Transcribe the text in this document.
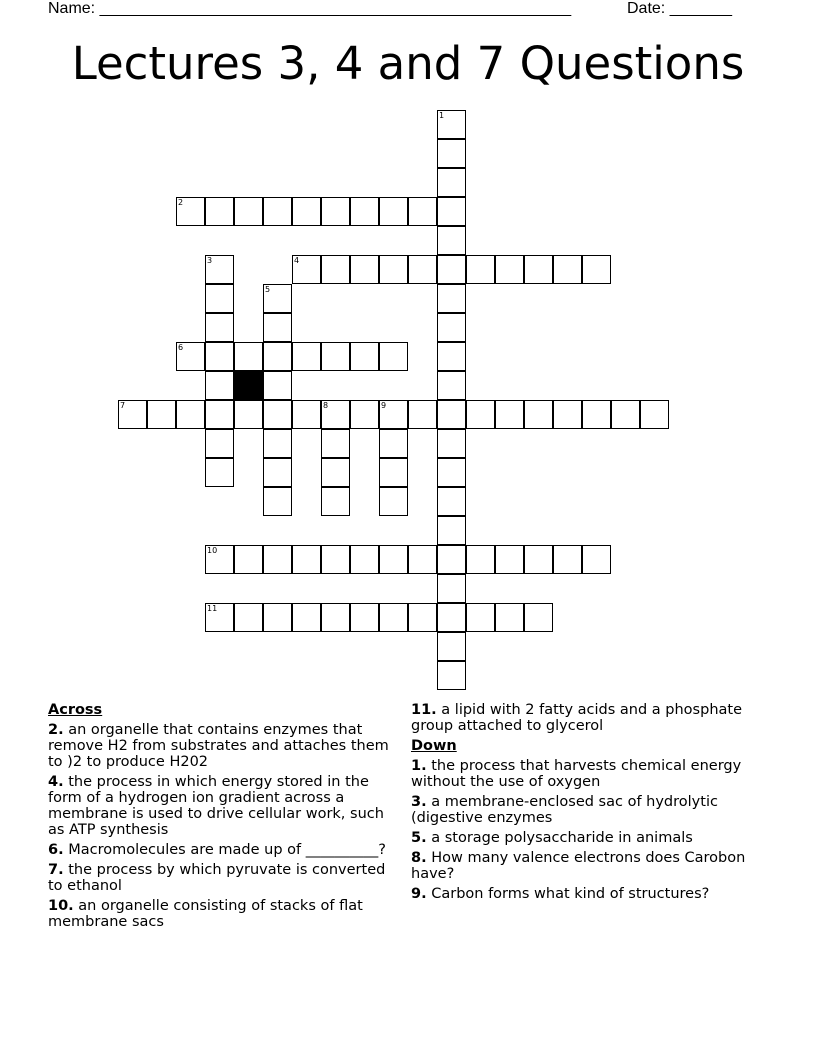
Name: _____________________________________________________	Date: _______
Lectures 3, 4 and 7 Questions
1
2
3	4
5
6
7	8	9
10
11
Across
2. an organelle that contains enzymes that remove H2 from substrates and attaches them to )2 to produce H202
4. the process in which energy stored in the form of a hydrogen ion gradient across a membrane is used to drive cellular work, such as ATP synthesis
6. Macromolecules are made up of __________?
7. the process by which pyruvate is converted to ethanol
10. an organelle consisting of stacks of flat membrane sacs
11. a lipid with 2 fatty acids and a phosphate group attached to glycerol
Down
1. the process that harvests chemical energy without the use of oxygen
3. a membrane-enclosed sac of hydrolytic (digestive enzymes
5. a storage polysaccharide in animals
8. How many valence electrons does Carobon have?
9. Carbon forms what kind of structures?
